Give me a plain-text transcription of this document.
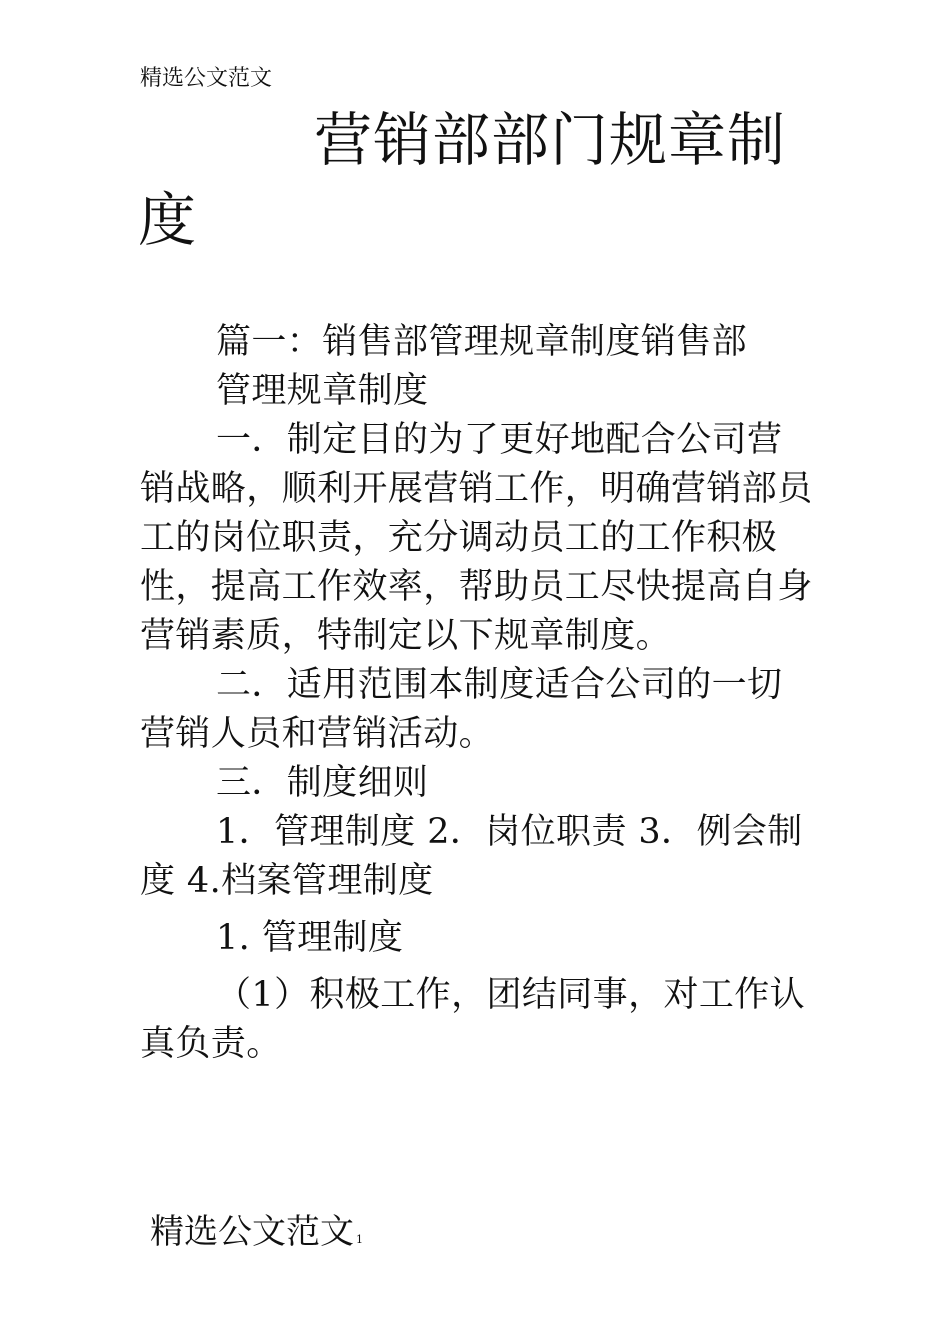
精选公文范文
营销部部门规章制度

篇一：销售部管理规章制度销售部

管理规章制度

一．制定目的为了更好地配合公司营销战略，顺利开展营销工作，明确营销部员工的岗位职责，充分调动员工的工作积极性，提高工作效率，帮助员工尽快提高自身营销素质，特制定以下规章制度。

二．适用范围本制度适合公司的一切营销人员和营销活动。

三．制度细则

1．管理制度 2．岗位职责 3．例会制度 4.档案管理制度

1. 管理制度

（1）积极工作，团结同事，对工作认真负责。

精选公文范文 1
